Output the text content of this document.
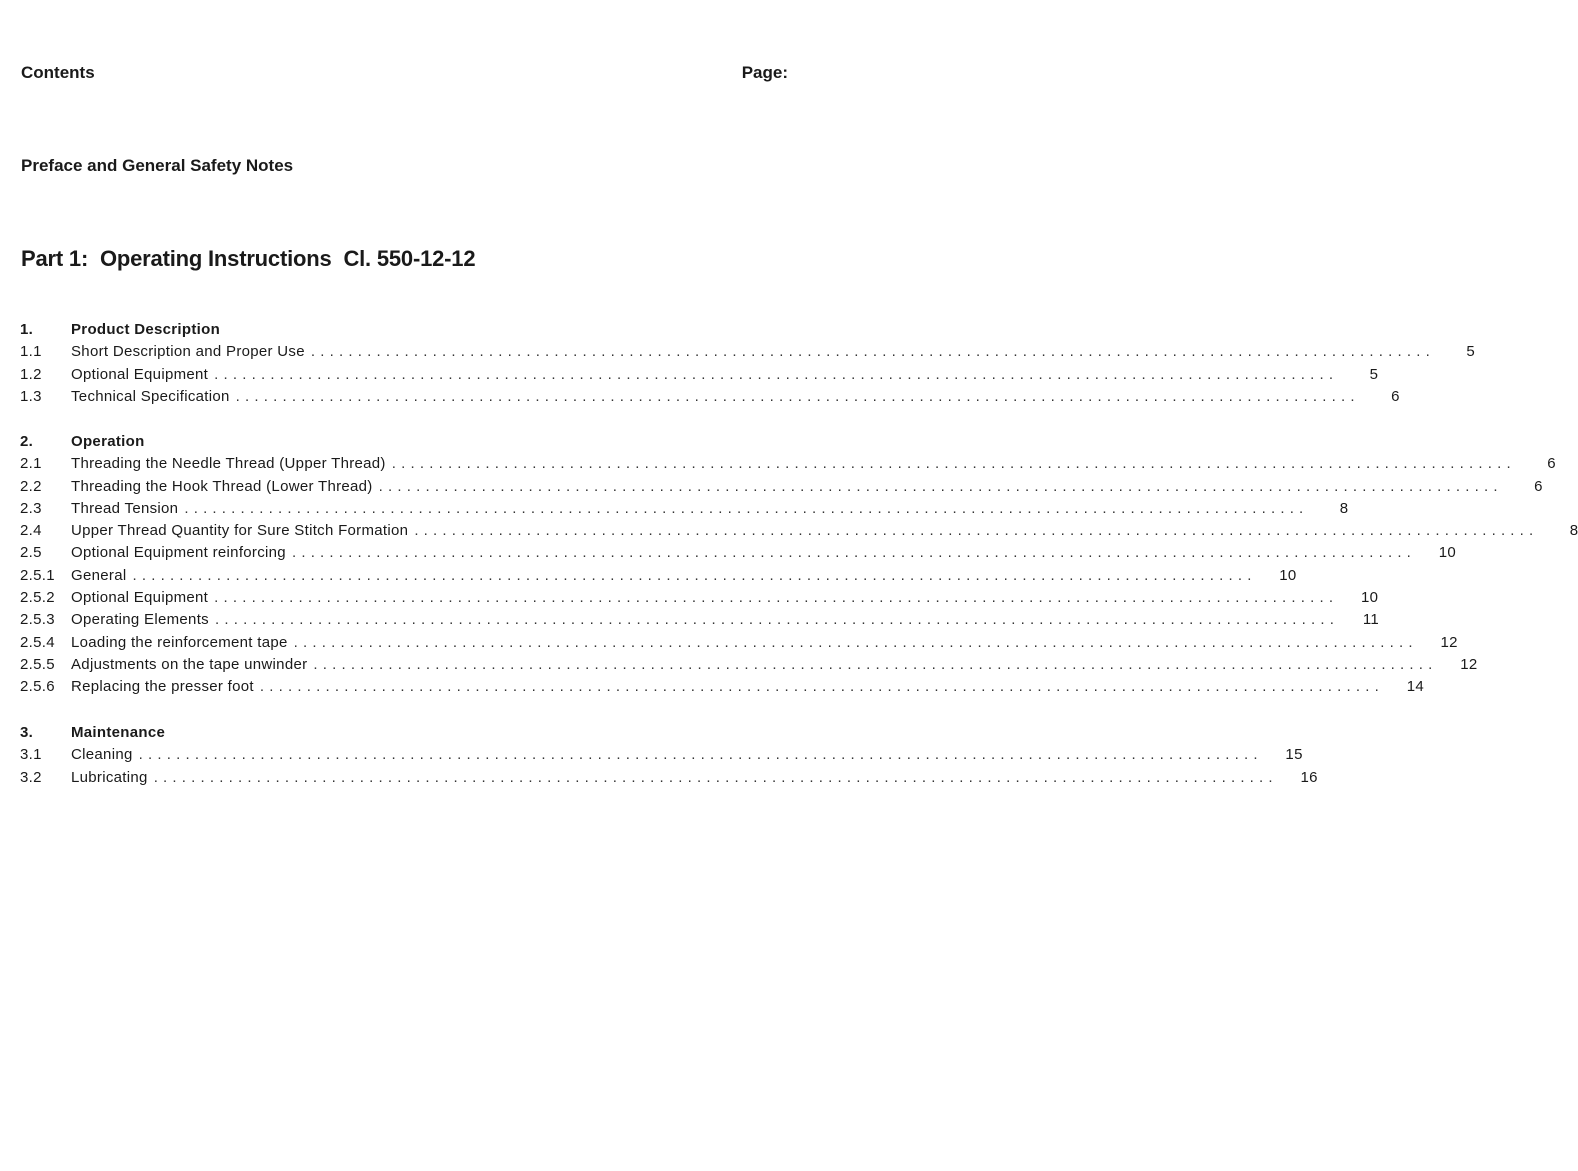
Contents	Page:
Preface and General Safety Notes
Part 1: Operating Instructions Cl. 550-12-12
1.	Product Description
1.1	Short Description and Proper Use ........................................................................................................................	5
1.2	Optional Equipment ........................................................................................................................	5
1.3	Technical Specification ........................................................................................................................	6
2.	Operation
2.1	Threading the Needle Thread (Upper Thread) ........................................................................................................................	6
2.2	Threading the Hook Thread (Lower Thread) ........................................................................................................................	6
2.3	Thread Tension ........................................................................................................................	8
2.4	Upper Thread Quantity for Sure Stitch Formation ........................................................................................................................	8
2.5	Optional Equipment reinforcing ........................................................................................................................	10
2.5.1	General ........................................................................................................................	10
2.5.2	Optional Equipment ........................................................................................................................	10
2.5.3	Operating Elements ........................................................................................................................	11
2.5.4	Loading the reinforcement tape ........................................................................................................................	12
2.5.5	Adjustments on the tape unwinder ........................................................................................................................	12
2.5.6	Replacing the presser foot ........................................................................................................................	14
3.	Maintenance
3.1	Cleaning ........................................................................................................................	15
3.2	Lubricating ........................................................................................................................	16
